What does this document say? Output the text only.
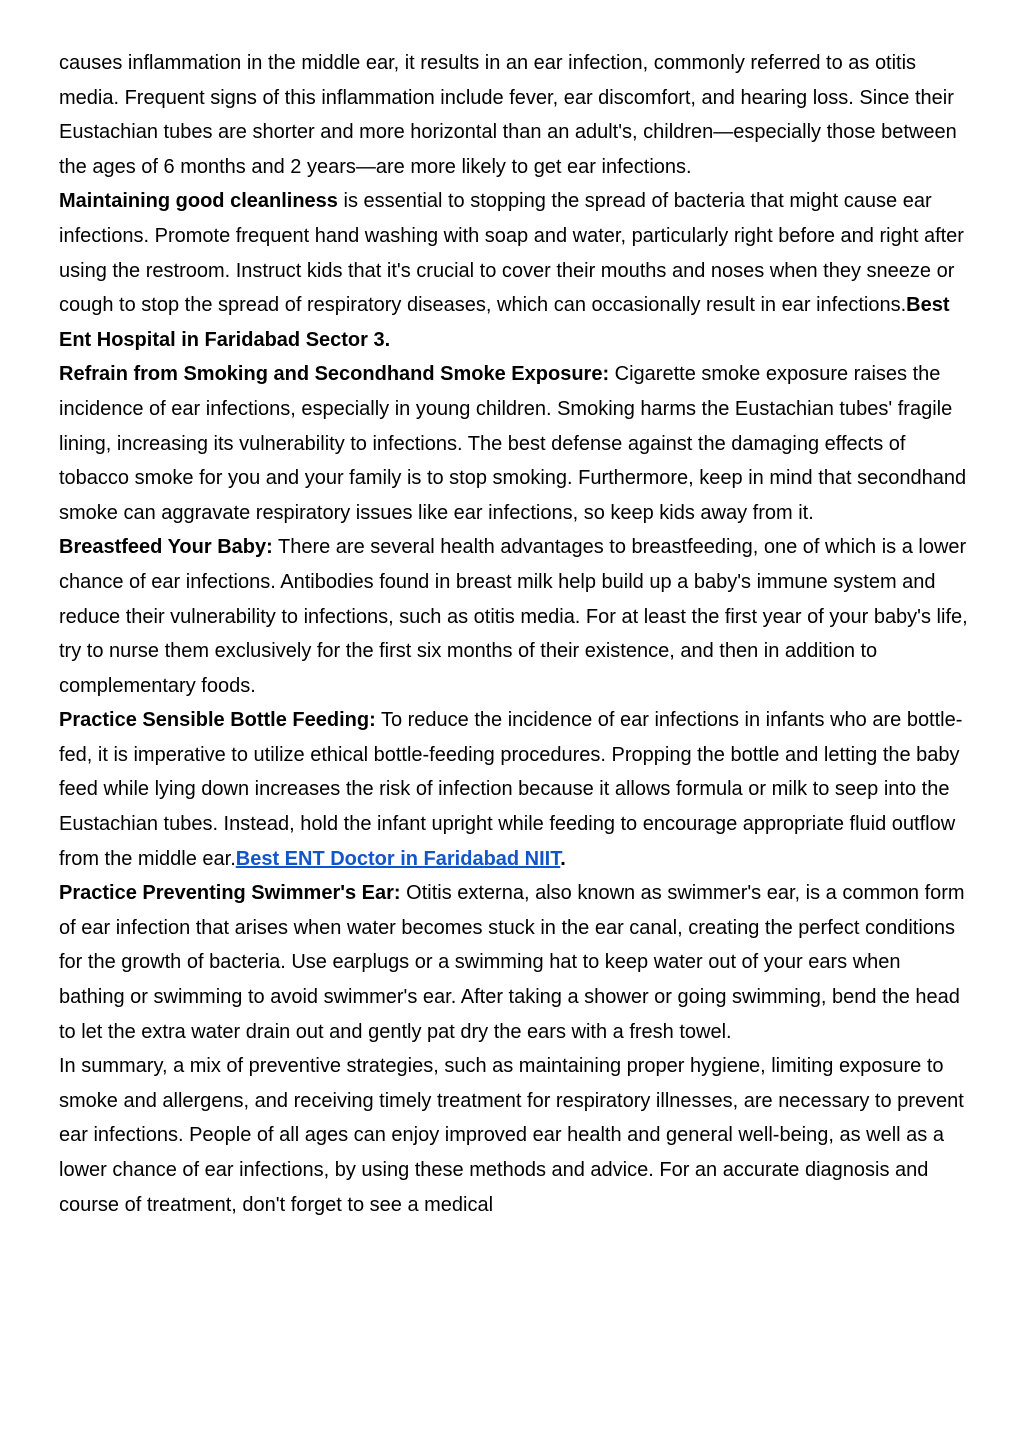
causes inflammation in the middle ear, it results in an ear infection, commonly referred to as otitis media. Frequent signs of this inflammation include fever, ear discomfort, and hearing loss. Since their Eustachian tubes are shorter and more horizontal than an adult's, children—especially those between the ages of 6 months and 2 years—are more likely to get ear infections.

Maintaining good cleanliness is essential to stopping the spread of bacteria that might cause ear infections. Promote frequent hand washing with soap and water, particularly right before and right after using the restroom. Instruct kids that it's crucial to cover their mouths and noses when they sneeze or cough to stop the spread of respiratory diseases, which can occasionally result in ear infections.Best Ent Hospital in Faridabad Sector 3.

Refrain from Smoking and Secondhand Smoke Exposure: Cigarette smoke exposure raises the incidence of ear infections, especially in young children. Smoking harms the Eustachian tubes' fragile lining, increasing its vulnerability to infections. The best defense against the damaging effects of tobacco smoke for you and your family is to stop smoking. Furthermore, keep in mind that secondhand smoke can aggravate respiratory issues like ear infections, so keep kids away from it.

Breastfeed Your Baby: There are several health advantages to breastfeeding, one of which is a lower chance of ear infections. Antibodies found in breast milk help build up a baby's immune system and reduce their vulnerability to infections, such as otitis media. For at least the first year of your baby's life, try to nurse them exclusively for the first six months of their existence, and then in addition to complementary foods.

Practice Sensible Bottle Feeding: To reduce the incidence of ear infections in infants who are bottle-fed, it is imperative to utilize ethical bottle-feeding procedures. Propping the bottle and letting the baby feed while lying down increases the risk of infection because it allows formula or milk to seep into the Eustachian tubes. Instead, hold the infant upright while feeding to encourage appropriate fluid outflow from the middle ear.Best ENT Doctor in Faridabad NIIT.

Practice Preventing Swimmer's Ear: Otitis externa, also known as swimmer's ear, is a common form of ear infection that arises when water becomes stuck in the ear canal, creating the perfect conditions for the growth of bacteria. Use earplugs or a swimming hat to keep water out of your ears when bathing or swimming to avoid swimmer's ear. After taking a shower or going swimming, bend the head to let the extra water drain out and gently pat dry the ears with a fresh towel.

In summary, a mix of preventive strategies, such as maintaining proper hygiene, limiting exposure to smoke and allergens, and receiving timely treatment for respiratory illnesses, are necessary to prevent ear infections. People of all ages can enjoy improved ear health and general well-being, as well as a lower chance of ear infections, by using these methods and advice. For an accurate diagnosis and course of treatment, don't forget to see a medical
